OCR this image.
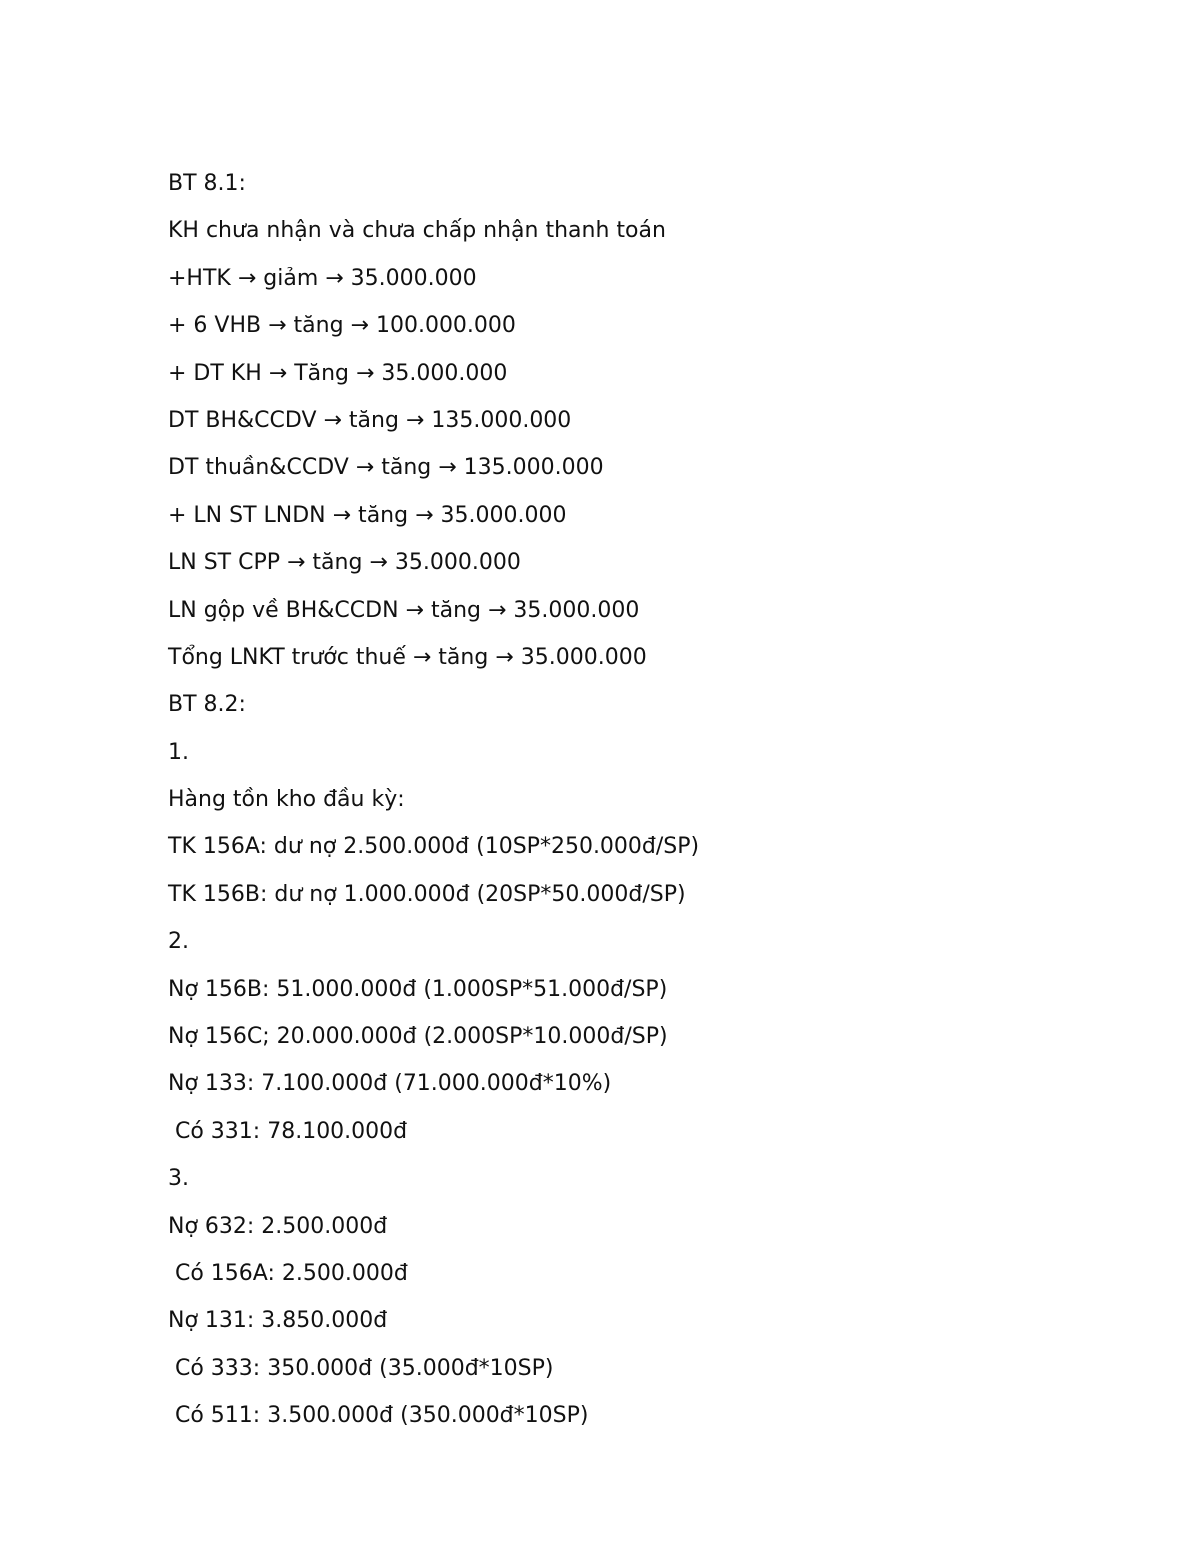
BT 8.1:
KH chưa nhận và chưa chấp nhận thanh toán
+HTK → giảm → 35.000.000
+ 6 VHB → tăng → 100.000.000
+ DT KH → Tăng → 35.000.000
DT BH&CCDV → tăng → 135.000.000
DT thuần&CCDV → tăng → 135.000.000
+ LN ST LNDN → tăng → 35.000.000
LN ST CPP → tăng → 35.000.000
LN gộp về BH&CCDN → tăng → 35.000.000
Tổng LNKT trước thuế → tăng → 35.000.000
BT 8.2:
1.
Hàng tồn kho đầu kỳ:
TK 156A: dư nợ 2.500.000đ (10SP*250.000đ/SP)
TK 156B: dư nợ 1.000.000đ (20SP*50.000đ/SP)
2.
Nợ 156B: 51.000.000đ (1.000SP*51.000đ/SP)
Nợ 156C; 20.000.000đ (2.000SP*10.000đ/SP)
Nợ 133: 7.100.000đ (71.000.000đ*10%)
Có 331: 78.100.000đ
3.
Nợ 632: 2.500.000đ
Có 156A: 2.500.000đ
Nợ 131: 3.850.000đ
Có 333: 350.000đ (35.000đ*10SP)
Có 511: 3.500.000đ (350.000đ*10SP)
